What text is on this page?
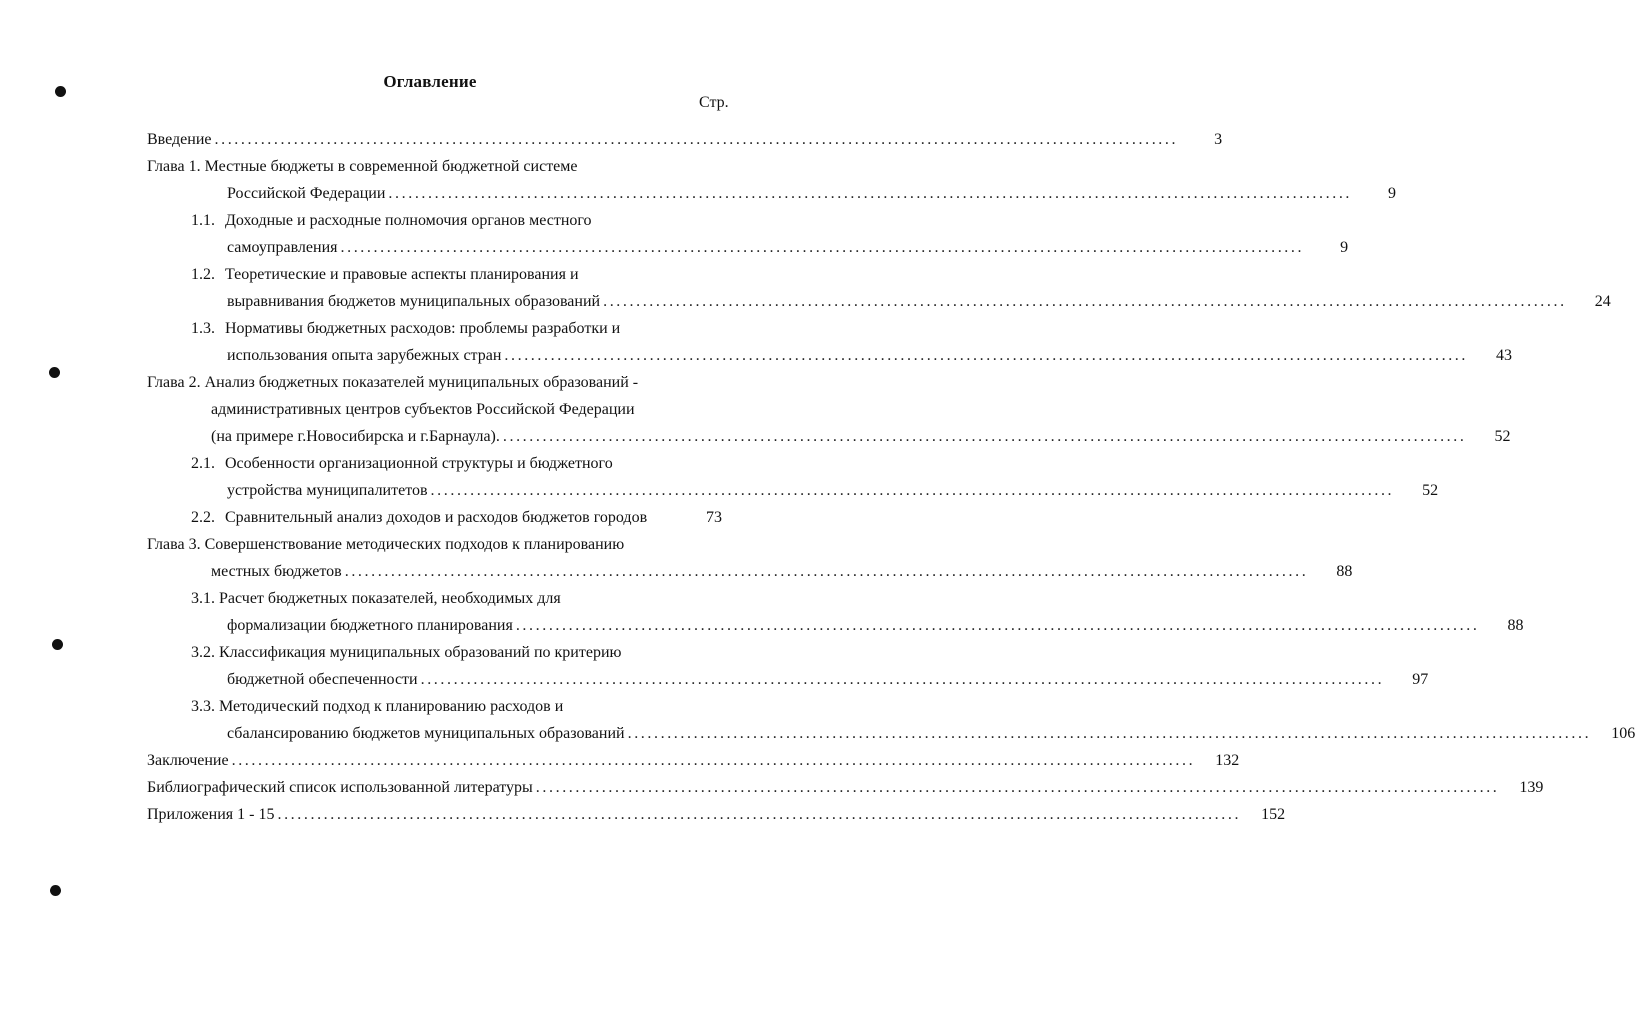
Оглавление
Стр.
Введение ..................................................................................................................................................	3
Глава 1. Местные бюджеты в современной бюджетной системе
Российской Федерации ..................................................................................................................................................	9
1.1. Доходные и расходные полномочия органов местного
самоуправления ..................................................................................................................................................	9
1.2. Теоретические и правовые аспекты планирования и
выравнивания бюджетов муниципальных образований ..................................................................................................................................................	24
1.3. Нормативы бюджетных расходов: проблемы разработки и
использования опыта зарубежных стран ..................................................................................................................................................	43
Глава 2. Анализ бюджетных показателей муниципальных образований -
административных центров субъектов Российской Федерации
(на примере г.Новосибирска и г.Барнаула). ..................................................................................................................................................	52
2.1. Особенности организационной структуры и бюджетного
устройства муниципалитетов ..................................................................................................................................................	52
2.2. Сравнительный анализ доходов и расходов бюджетов городов	73
Глава 3. Совершенствование методических подходов к планированию
местных бюджетов ..................................................................................................................................................	88
3.1. Расчет бюджетных показателей, необходимых для
формализации бюджетного планирования ..................................................................................................................................................	88
3.2. Классификация муниципальных образований по критерию
бюджетной обеспеченности ..................................................................................................................................................	97
3.3. Методический подход к планированию расходов и
сбалансированию бюджетов муниципальных образований ..................................................................................................................................................	106
Заключение ..................................................................................................................................................	132
Библиографический список использованной литературы ..................................................................................................................................................	139
Приложения 1 - 15 ..................................................................................................................................................	152
